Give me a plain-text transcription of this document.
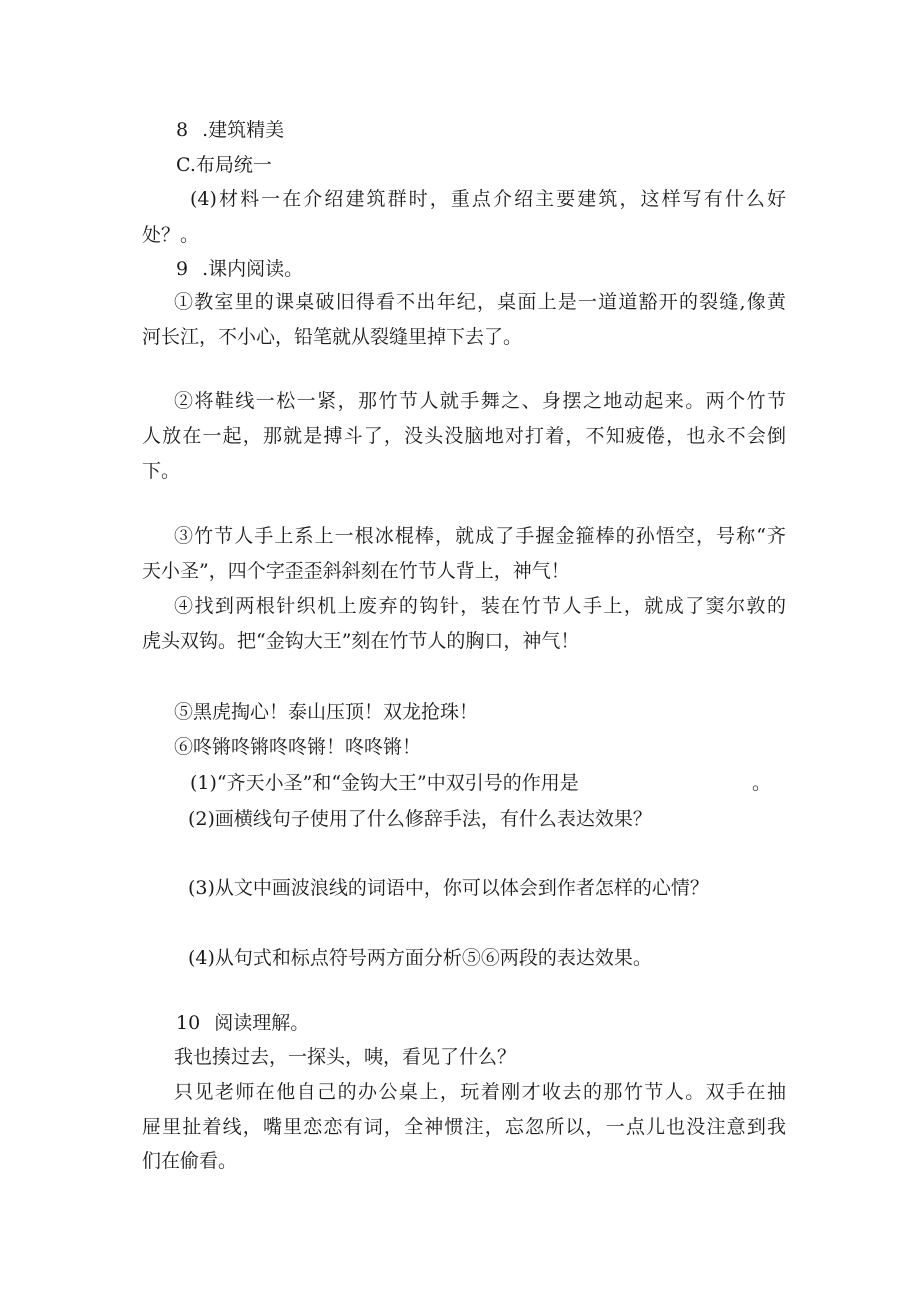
8 .建筑精美
C.布局统一
(4)材料一在介绍建筑群时，重点介绍主要建筑，这样写有什么好
处？。
9 .课内阅读。
①教室里的课桌破旧得看不出年纪，桌面上是一道道豁开的裂缝,像黄
河长江，不小心，铅笔就从裂缝里掉下去了。
②将鞋线一松一紧，那竹节人就手舞之、身摆之地动起来。两个竹节
人放在一起，那就是搏斗了，没头没脑地对打着，不知疲倦，也永不会倒
下。
③竹节人手上系上一根冰棍棒，就成了手握金箍棒的孙悟空，号称“齐
天小圣”，四个字歪歪斜斜刻在竹节人背上，神气！
④找到两根针织机上废弃的钩针，装在竹节人手上，就成了窦尔敦的
虎头双钩。把“金钩大王”刻在竹节人的胸口，神气！
⑤黑虎掏心！泰山压顶！双龙抢珠！
⑥咚锵咚锵咚咚锵！咚咚锵！
(1)“齐天小圣”和“金钩大王”中双引号的作用是	。
(2)画横线句子使用了什么修辞手法，有什么表达效果？
(3)从文中画波浪线的词语中，你可以体会到作者怎样的心情？
(4)从句式和标点符号两方面分析⑤⑥两段的表达效果。
10 阅读理解。
我也揍过去，一探头，咦，看见了什么？
只见老师在他自己的办公桌上，玩着刚才收去的那竹节人。双手在抽
屉里扯着线，嘴里恋恋有词，全神惯注，忘忽所以，一点儿也没注意到我
们在偷看。
